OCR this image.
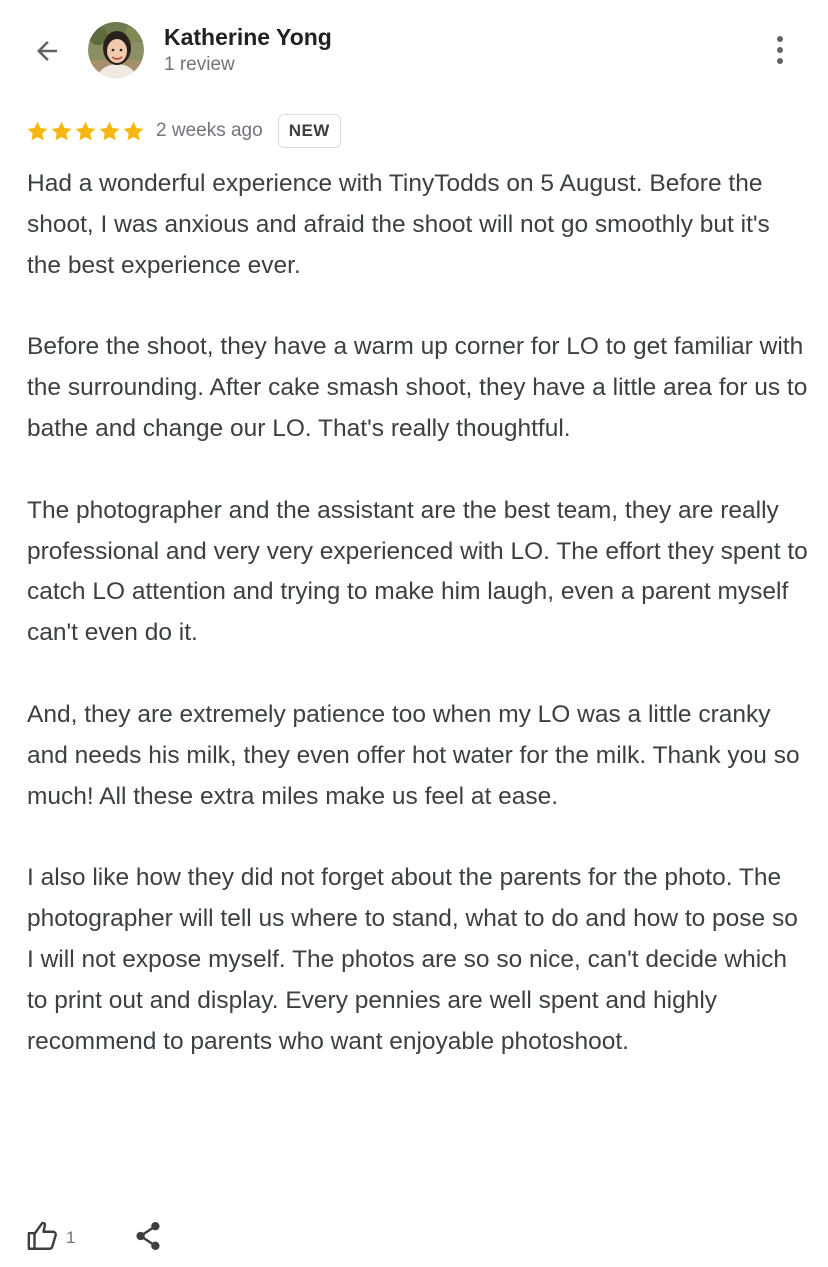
Katherine Yong
1 review
2 weeks ago	NEW

Had a wonderful experience with TinyTodds on 5 August. Before the shoot, I was anxious and afraid the shoot will not go smoothly but it's the best experience ever.

Before the shoot, they have a warm up corner for LO to get familiar with the surrounding. After cake smash shoot, they have a little area for us to bathe and change our LO. That's really thoughtful.

The photographer and the assistant are the best team, they are really professional and very very experienced with LO. The effort they spent to catch LO attention and trying to make him laugh, even a parent myself can't even do it.

And, they are extremely patience too when my LO was a little cranky and needs his milk, they even offer hot water for the milk. Thank you so much! All these extra miles make us feel at ease.

I also like how they did not forget about the parents for the photo. The photographer will tell us where to stand, what to do and how to pose so I will not expose myself. The photos are so so nice, can't decide which to print out and display. Every pennies are well spent and highly recommend to parents who want enjoyable photoshoot.

1
